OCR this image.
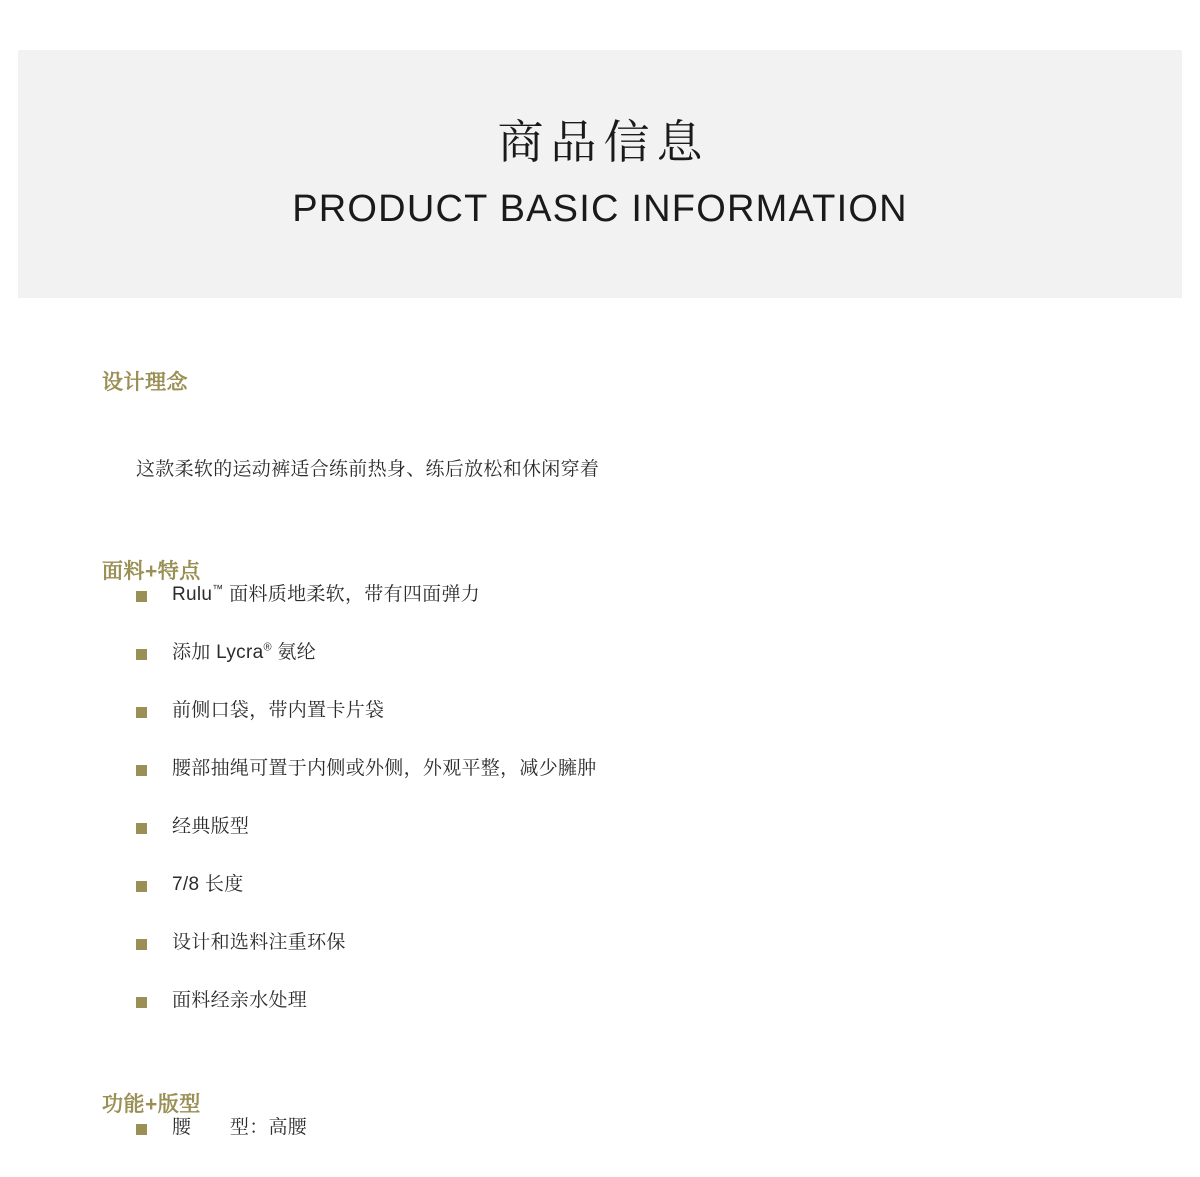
商品信息
PRODUCT BASIC INFORMATION
设计理念
这款柔软的运动裤适合练前热身、练后放松和休闲穿着
面料+特点
Rulu™ 面料质地柔软，带有四面弹力
添加 Lycra® 氨纶
前侧口袋，带内置卡片袋
腰部抽绳可置于内侧或外侧，外观平整，减少臃肿
经典版型
7/8 长度
设计和选料注重环保
面料经亲水处理
功能+版型
腰　　型：高腰
